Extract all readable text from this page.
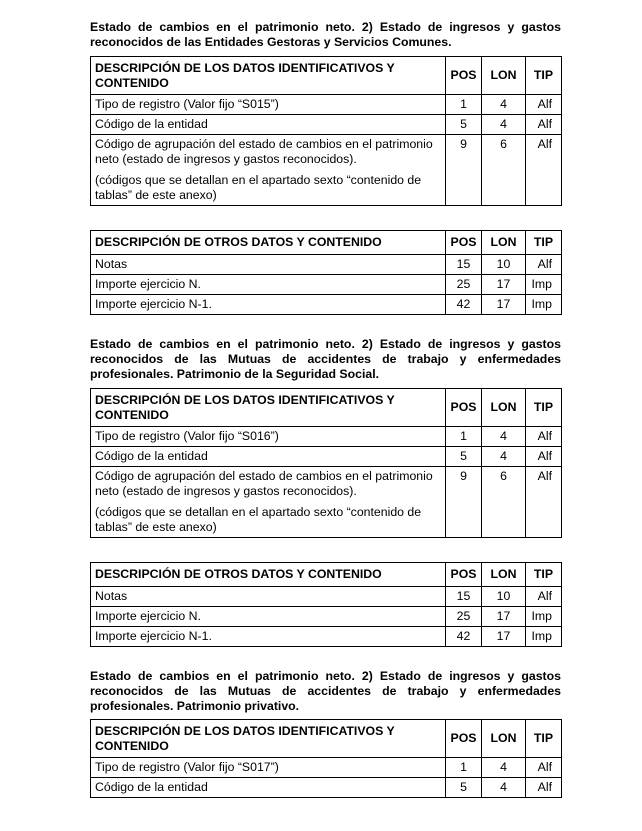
Estado de cambios en el patrimonio neto. 2) Estado de ingresos y gastos reconocidos de las Entidades Gestoras y Servicios Comunes.
DESCRIPCIÓN DE LOS DATOS IDENTIFICATIVOS Y CONTENIDO	POS	LON	TIP
Tipo de registro (Valor fijo “S015”)	1	4	Alf
Código de la entidad	5	4	Alf
Código de agrupación del estado de cambios en el patrimonio neto (estado de ingresos y gastos reconocidos).
(códigos que se detallan en el apartado sexto “contenido de tablas” de este anexo)	9	6	Alf
DESCRIPCIÓN DE OTROS DATOS Y CONTENIDO	POS	LON	TIP
Notas	15	10	Alf
Importe ejercicio N.	25	17	Imp
Importe ejercicio N-1.	42	17	Imp
Estado de cambios en el patrimonio neto. 2) Estado de ingresos y gastos reconocidos de las Mutuas de accidentes de trabajo y enfermedades profesionales. Patrimonio de la Seguridad Social.
DESCRIPCIÓN DE LOS DATOS IDENTIFICATIVOS Y CONTENIDO	POS	LON	TIP
Tipo de registro (Valor fijo “S016”)	1	4	Alf
Código de la entidad	5	4	Alf
Código de agrupación del estado de cambios en el patrimonio neto (estado de ingresos y gastos reconocidos).
(códigos que se detallan en el apartado sexto “contenido de tablas” de este anexo)	9	6	Alf
DESCRIPCIÓN DE OTROS DATOS Y CONTENIDO	POS	LON	TIP
Notas	15	10	Alf
Importe ejercicio N.	25	17	Imp
Importe ejercicio N-1.	42	17	Imp
Estado de cambios en el patrimonio neto. 2) Estado de ingresos y gastos reconocidos de las Mutuas de accidentes de trabajo y enfermedades profesionales. Patrimonio privativo.
DESCRIPCIÓN DE LOS DATOS IDENTIFICATIVOS Y CONTENIDO	POS	LON	TIP
Tipo de registro (Valor fijo “S017”)	1	4	Alf
Código de la entidad	5	4	Alf
